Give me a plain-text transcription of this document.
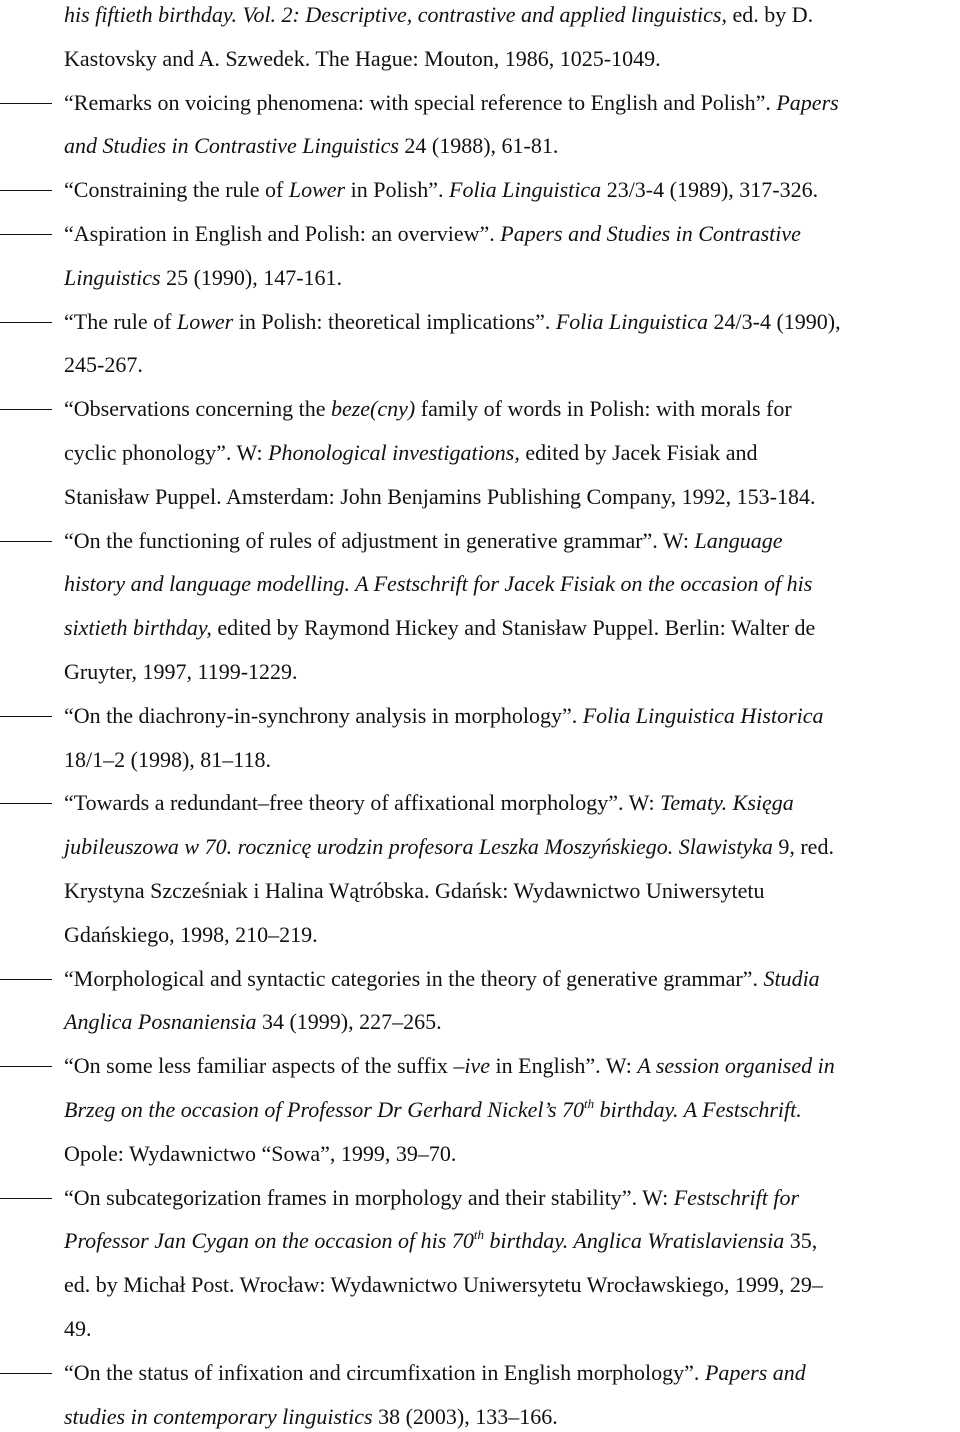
his fiftieth birthday. Vol. 2: Descriptive, contrastive and applied linguistics, ed. by D.
Kastovsky and A. Szwedek. The Hague: Mouton, 1986, 1025-1049.
“Remarks on voicing phenomena: with special reference to English and Polish”. Papers
and Studies in Contrastive Linguistics 24 (1988), 61-81.
“Constraining the rule of Lower in Polish”. Folia Linguistica 23/3-4 (1989), 317-326.
“Aspiration in English and Polish: an overview”. Papers and Studies in Contrastive
Linguistics 25 (1990), 147-161.
“The rule of Lower in Polish: theoretical implications”. Folia Linguistica 24/3-4 (1990),
245-267.
“Observations concerning the beze(cny) family of words in Polish: with morals for
cyclic phonology”. W: Phonological investigations, edited by Jacek Fisiak and
Stanisław Puppel. Amsterdam: John Benjamins Publishing Company, 1992, 153-184.
“On the functioning of rules of adjustment in generative grammar”. W: Language
history and language modelling. A Festschrift for Jacek Fisiak on the occasion of his
sixtieth birthday, edited by Raymond Hickey and Stanisław Puppel. Berlin: Walter de
Gruyter, 1997, 1199-1229.
“On the diachrony-in-synchrony analysis in morphology”. Folia Linguistica Historica
18/1–2 (1998), 81–118.
“Towards a redundant–free theory of affixational morphology”. W: Tematy. Księga
jubileuszowa w 70. rocznicę urodzin profesora Leszka Moszyńskiego. Slawistyka 9, red.
Krystyna Szcześniak i Halina Wątróbska. Gdańsk: Wydawnictwo Uniwersytetu
Gdańskiego, 1998, 210–219.
“Morphological and syntactic categories in the theory of generative grammar”. Studia
Anglica Posnaniensia 34 (1999), 227–265.
“On some less familiar aspects of the suffix –ive in English”. W: A session organised in
Brzeg on the occasion of Professor Dr Gerhard Nickel’s 70th birthday. A Festschrift.
Opole: Wydawnictwo “Sowa”, 1999, 39–70.
“On subcategorization frames in morphology and their stability”. W: Festschrift for
Professor Jan Cygan on the occasion of his 70th birthday. Anglica Wratislaviensia 35,
ed. by Michał Post. Wrocław: Wydawnictwo Uniwersytetu Wrocławskiego, 1999, 29–
49.
“On the status of infixation and circumfixation in English morphology”. Papers and
studies in contemporary linguistics 38 (2003), 133–166.
